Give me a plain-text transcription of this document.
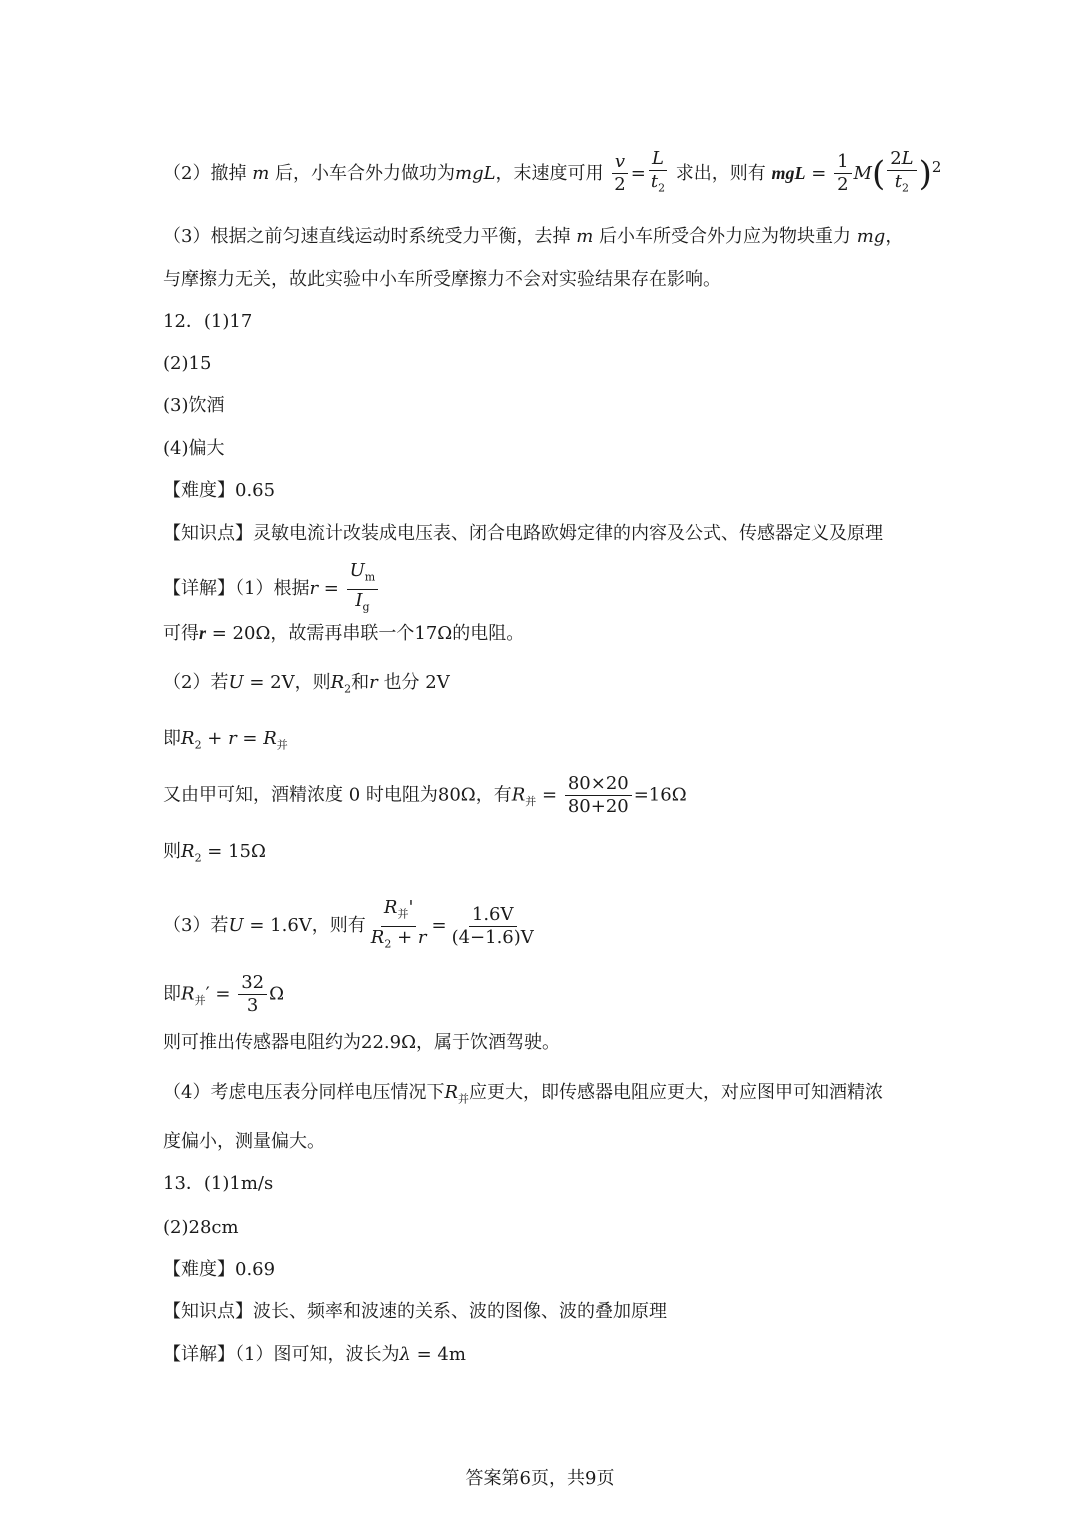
（2）撤掉 m 后，小车合外力做功为mgL，末速度可用 $\frac{v}{2} = \frac{L}{t_2}$ 求出，则有 mgL = $\frac{1}{2} M( \frac{2L}{t_2} )^2$
（3）根据之前匀速直线运动时系统受力平衡，去掉 m 后小车所受合外力应为物块重力 mg，
与摩擦力无关，故此实验中小车所受摩擦力不会对实验结果存在影响。
12．(1)17
(2)15
(3)饮酒
(4)偏大
【难度】0.65
【知识点】灵敏电流计改装成电压表、闭合电路欧姆定律的内容及公式、传感器定义及原理
【详解】（1）根据$r = \frac{U_m}{I_g}$
可得r = 20Ω，故需再串联一个17Ω的电阻。
（2）若U = 2V，则$R_2$和r 也分 2V
即$R_2 + r = R_并$
又由甲可知，酒精浓度 0 时电阻为80Ω，有$R_并 = \frac{80\times 20}{80+20} =16\Omega$
则$R_2 = 15\Omega$
（3）若U = 1.6V，则有
$R_并'$
$R_2 + r$
= $\frac{1.6V}{(4-1.6)V}$
即$R_并' = \frac{32}{3}$ Ω
则可推出传感器电阻约为22.9Ω，属于饮酒驾驶。
（4）考虑电压表分同样电压情况下$R_并$应更大，即传感器电阻应更大，对应图甲可知酒精浓
度偏小，测量偏大。
13．(1)1m/s
(2)28cm
【难度】0.69
【知识点】波长、频率和波速的关系、波的图像、波的叠加原理
【详解】（1）图可知，波长为λ = 4m
答案第6页，共9页
